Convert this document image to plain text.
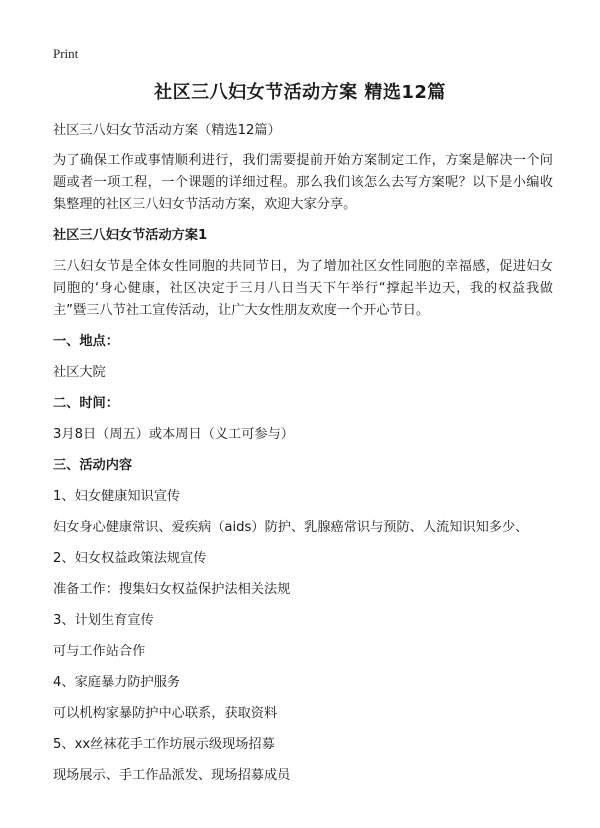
Print
社区三八妇女节活动方案 精选12篇

社区三八妇女节活动方案（精选12篇）

为了确保工作或事情顺利进行，我们需要提前开始方案制定工作，方案是解决一个问题或者一项工程，一个课题的详细过程。那么我们该怎么去写方案呢？以下是小编收集整理的社区三八妇女节活动方案，欢迎大家分享。

社区三八妇女节活动方案1

三八妇女节是全体女性同胞的共同节日，为了增加社区女性同胞的幸福感，促进妇女同胞的‘身心健康，社区决定于三月八日当天下午举行“撑起半边天，我的权益我做主”暨三八节社工宣传活动，让广大女性朋友欢度一个开心节日。

一、地点：

社区大院

二、时间：

3月8日（周五）或本周日（义工可参与）

三、活动内容

1、妇女健康知识宣传

妇女身心健康常识、爱疾病（aids）防护、乳腺癌常识与预防、人流知识知多少、

2、妇女权益政策法规宣传

准备工作：搜集妇女权益保护法相关法规

3、计划生育宣传

可与工作站合作

4、家庭暴力防护服务

可以机构家暴防护中心联系，获取资料

5、xx丝袜花手工作坊展示级现场招募

现场展示、手工作品派发、现场招募成员
